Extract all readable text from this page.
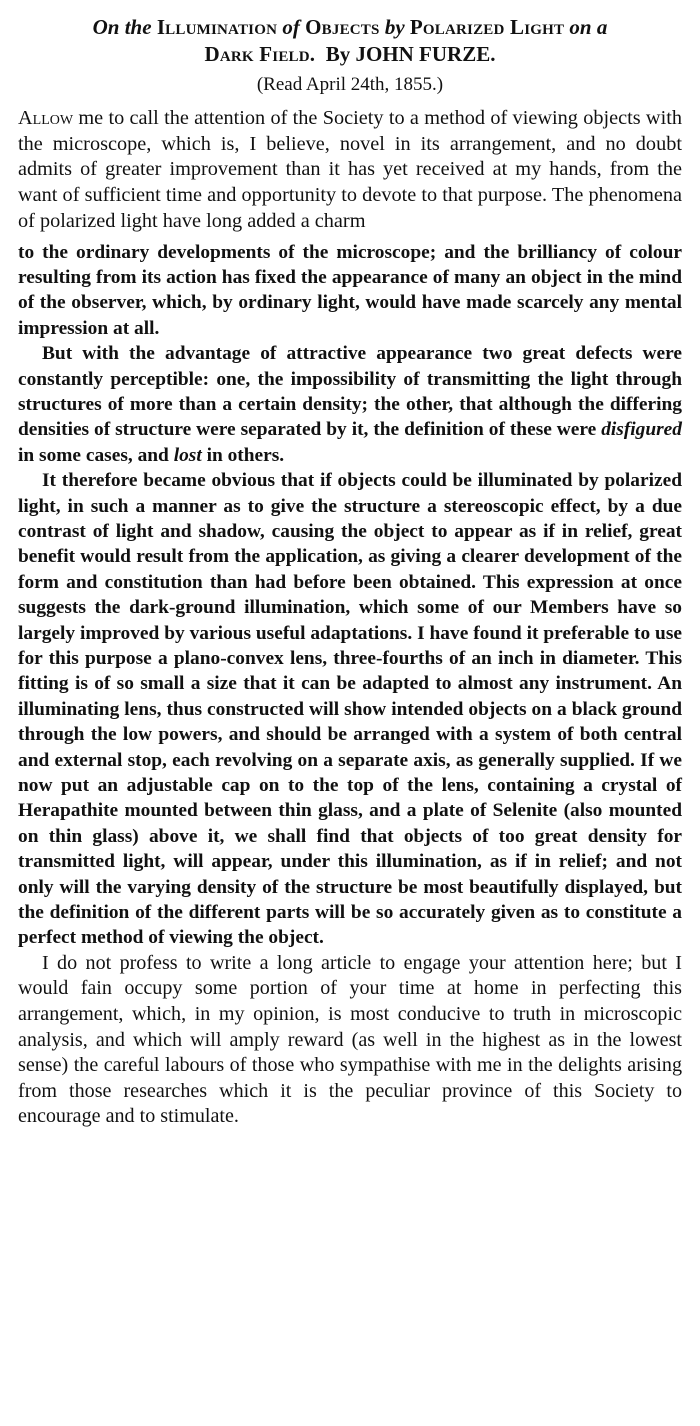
On the Illumination of Objects by Polarized Light on a
Dark Field. By JOHN FURZE.
(Read April 24th, 1855.)

Allow me to call the attention of the Society to a method of viewing objects with the microscope, which is, I believe, novel in its arrangement, and no doubt admits of greater improvement than it has yet received at my hands, from the want of sufficient time and opportunity to devote to that purpose. The phenomena of polarized light have long added a charm

to the ordinary developments of the microscope; and the brilliancy of colour resulting from its action has fixed the appearance of many an object in the mind of the observer, which, by ordinary light, would have made scarcely any mental impression at all.

But with the advantage of attractive appearance two great defects were constantly perceptible: one, the impossibility of transmitting the light through structures of more than a certain density; the other, that although the differing densities of structure were separated by it, the definition of these were disfigured in some cases, and lost in others.

It therefore became obvious that if objects could be illuminated by polarized light, in such a manner as to give the structure a stereoscopic effect, by a due contrast of light and shadow, causing the object to appear as if in relief, great benefit would result from the application, as giving a clearer development of the form and constitution than had before been obtained. This expression at once suggests the dark-ground illumination, which some of our Members have so largely improved by various useful adaptations. I have found it preferable to use for this purpose a plano-convex lens, three-fourths of an inch in diameter. This fitting is of so small a size that it can be adapted to almost any instrument. An illuminating lens, thus constructed will show intended objects on a black ground through the low powers, and should be arranged with a system of both central and external stop, each revolving on a separate axis, as generally supplied. If we now put an adjustable cap on to the top of the lens, containing a crystal of Herapathite mounted between thin glass, and a plate of Selenite (also mounted on thin glass) above it, we shall find that objects of too great density for transmitted light, will appear, under this illumination, as if in relief; and not only will the varying density of the structure be most beautifully displayed, but the definition of the different parts will be so accurately given as to constitute a perfect method of viewing the object.

I do not profess to write a long article to engage your attention here; but I would fain occupy some portion of your time at home in perfecting this arrangement, which, in my opinion, is most conducive to truth in microscopic analysis, and which will amply reward (as well in the highest as in the lowest sense) the careful labours of those who sympathise with me in the delights arising from those researches which it is the peculiar province of this Society to encourage and to stimulate.
